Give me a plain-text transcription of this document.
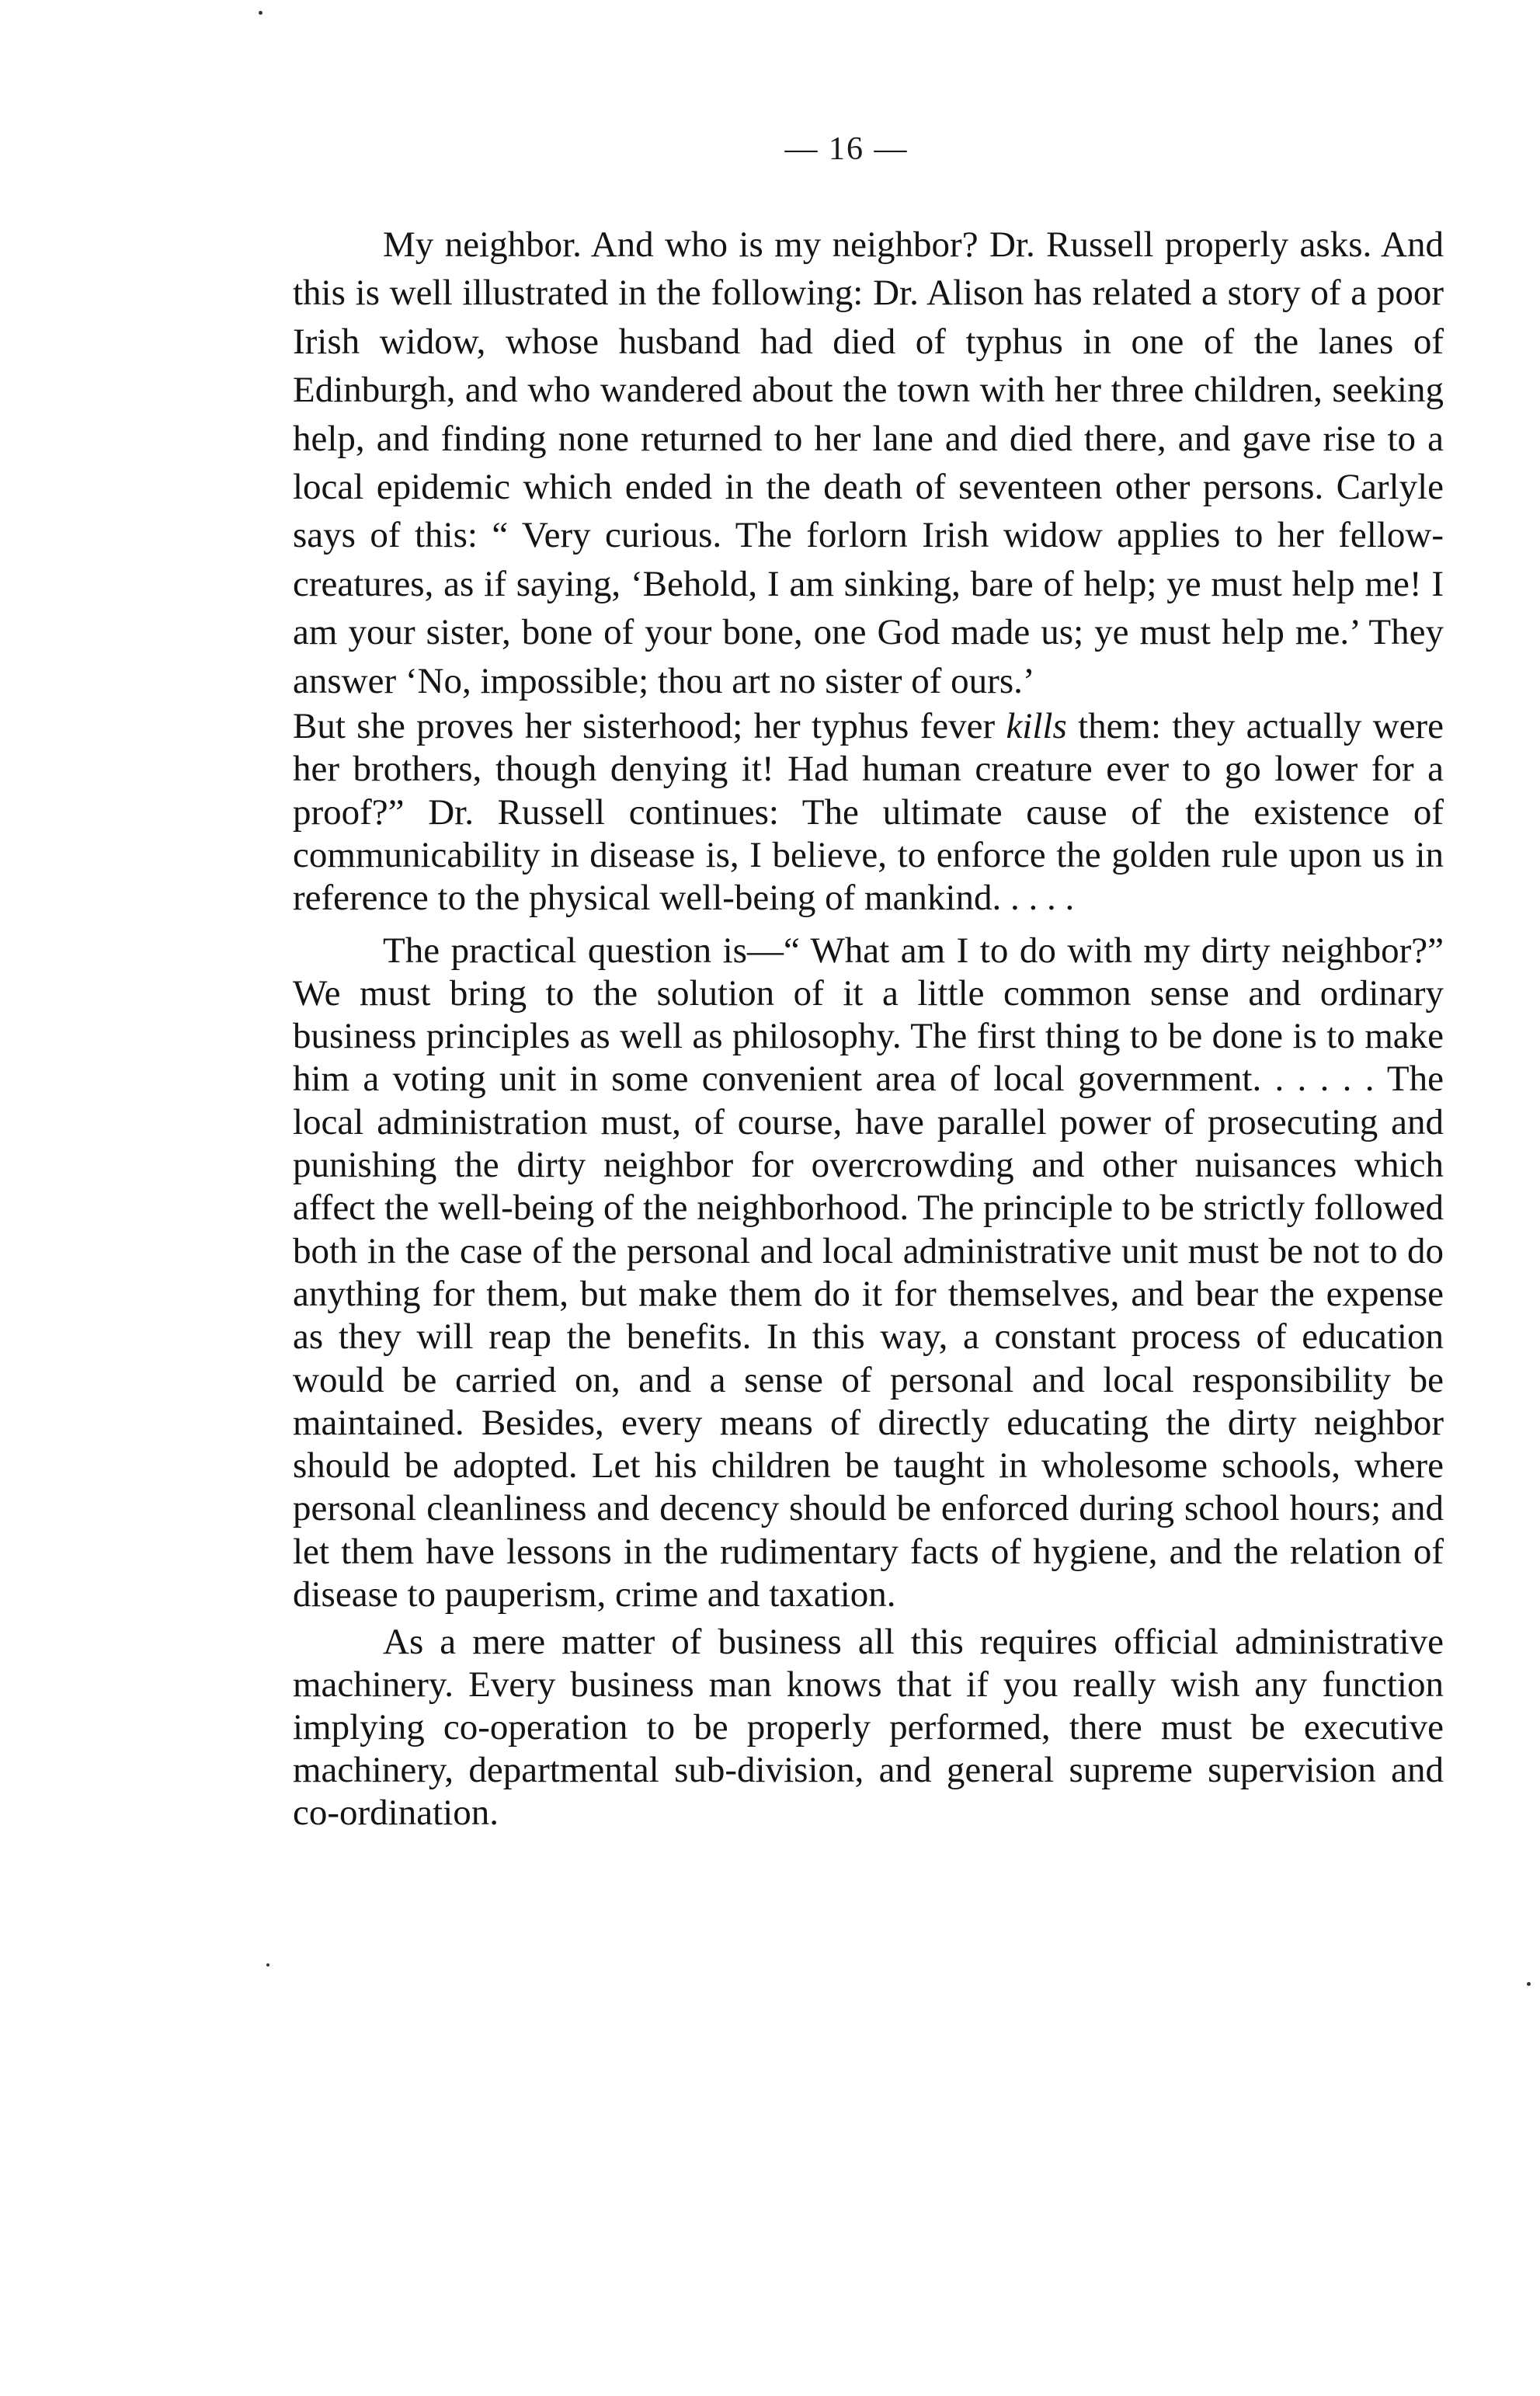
— 16 —

My neighbor. And who is my neighbor? Dr. Russell properly asks. And this is well illustrated in the following: Dr. Alison has related a story of a poor Irish widow, whose husband had died of typhus in one of the lanes of Edinburgh, and who wandered about the town with her three children, seeking help, and finding none returned to her lane and died there, and gave rise to a local epidemic which ended in the death of seventeen other persons. Carlyle says of this: “ Very curious. The forlorn Irish widow applies to her fellow-creatures, as if saying, ‘Behold, I am sinking, bare of help; ye must help me! I am your sister, bone of your bone, one God made us; ye must help me.’ They answer ‘No, impossible; thou art no sister of ours.’

But she proves her sisterhood; her typhus fever kills them: they actually were her brothers, though denying it! Had human creature ever to go lower for a proof?” Dr. Russell continues: The ultimate cause of the existence of communicability in disease is, I believe, to enforce the golden rule upon us in reference to the physical well-being of mankind. . . . .

The practical question is—“ What am I to do with my dirty neighbor?” We must bring to the solution of it a little common sense and ordinary business principles as well as philosophy. The first thing to be done is to make him a voting unit in some convenient area of local government. . . . . . The local administration must, of course, have parallel power of prosecuting and punishing the dirty neighbor for overcrowding and other nuisances which affect the well-being of the neighborhood. The principle to be strictly followed both in the case of the personal and local administrative unit must be not to do anything for them, but make them do it for themselves, and bear the expense as they will reap the benefits. In this way, a constant process of education would be carried on, and a sense of personal and local responsibility be maintained. Besides, every means of directly educating the dirty neighbor should be adopted. Let his children be taught in wholesome schools, where personal cleanliness and decency should be enforced during school hours; and let them have lessons in the rudimentary facts of hygiene, and the relation of disease to pauperism, crime and taxation.

As a mere matter of business all this requires official administrative machinery. Every business man knows that if you really wish any function implying co-operation to be properly performed, there must be executive machinery, departmental sub-division, and general supreme supervision and co-ordination.
